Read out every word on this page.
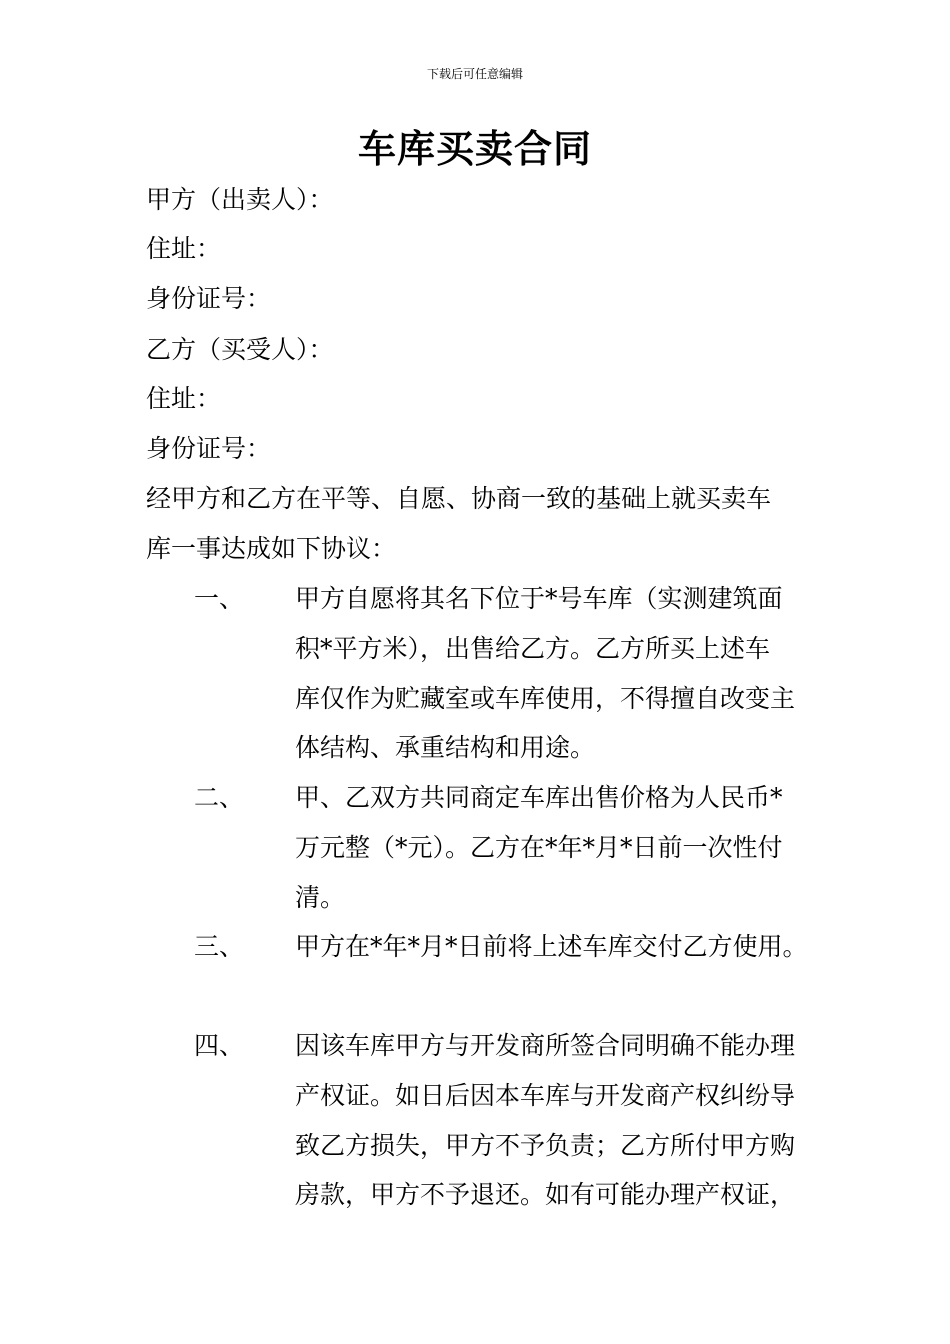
下载后可任意编辑
车库买卖合同
甲方（出卖人）：
住址：
身份证号：
乙方（买受人）：
住址：
身份证号：
经甲方和乙方在平等、自愿、协商一致的基础上就买卖车
库一事达成如下协议：
一、 甲方自愿将其名下位于*号车库（实测建筑面
积*平方米），出售给乙方。乙方所买上述车
库仅作为贮藏室或车库使用，不得擅自改变主
体结构、承重结构和用途。
二、 甲、乙双方共同商定车库出售价格为人民币*
万元整（*元）。乙方在*年*月*日前一次性付
清。
三、 甲方在*年*月*日前将上述车库交付乙方使用。
四、 因该车库甲方与开发商所签合同明确不能办理
产权证。如日后因本车库与开发商产权纠纷导
致乙方损失，甲方不予负责；乙方所付甲方购
房款，甲方不予退还。如有可能办理产权证，
